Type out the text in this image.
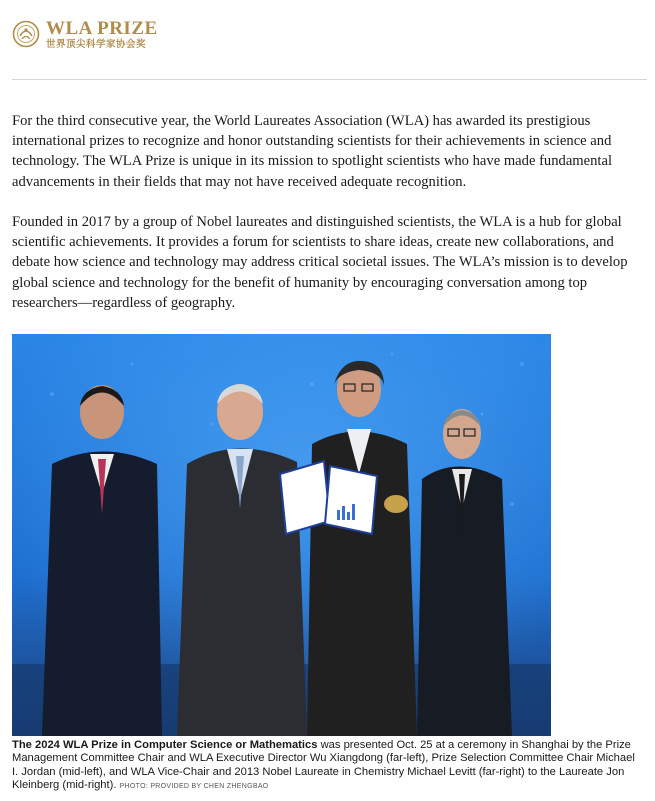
WLA PRIZE
世界顶尖科学家协会奖

For the third consecutive year, the World Laureates Association (WLA) has awarded its prestigious international prizes to recognize and honor outstanding scientists for their achievements in science and technology. The WLA Prize is unique in its mission to spotlight scientists who have made fundamental advancements in their fields that may not have received adequate recognition.

Founded in 2017 by a group of Nobel laureates and distinguished scientists, the WLA is a hub for global scientific achievements. It provides a forum for scientists to share ideas, create new collaborations, and debate how science and technology may address critical societal issues. The WLA’s mission is to develop global science and technology for the benefit of humanity by encouraging conversation among top researchers—regardless of geography.

The 2024 WLA Prize in Computer Science or Mathematics was presented Oct. 25 at a ceremony in Shanghai by the Prize Management Committee Chair and WLA Executive Director Wu Xiangdong (far-left), Prize Selection Committee Chair Michael I. Jordan (mid-left), and WLA Vice-Chair and 2013 Nobel Laureate in Chemistry Michael Levitt (far-right) to the Laureate Jon Kleinberg (mid-right). PHOTO: PROVIDED BY CHEN ZHENGBAO
